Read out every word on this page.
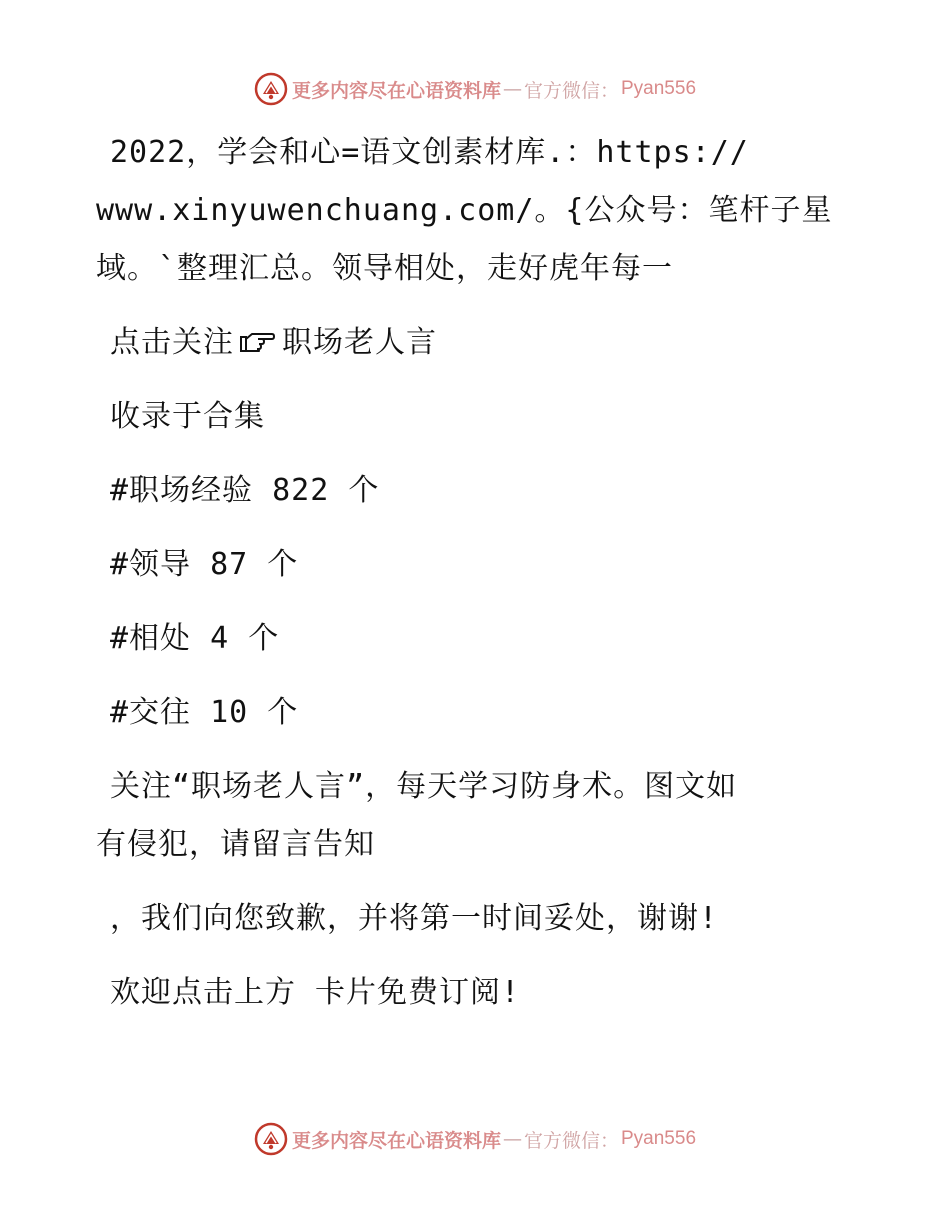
更多内容尽在心语资料库 — 官方微信： Pyan556

2022，学会和心=语文创素材库.：https://

www.xinyuwenchuang.com/。{公众号：笔杆子星

域。`整理汇总。领导相处，走好虎年每一

点击关注 职场老人言

收录于合集

#职场经验 822 个

#领导 87 个

#相处 4 个

#交往 10 个

关注“职场老人言”，每天学习防身术。图文如

有侵犯，请留言告知

，我们向您致歉，并将第一时间妥处，谢谢!

欢迎点击上方 卡片免费订阅!

更多内容尽在心语资料库 — 官方微信： Pyan556
